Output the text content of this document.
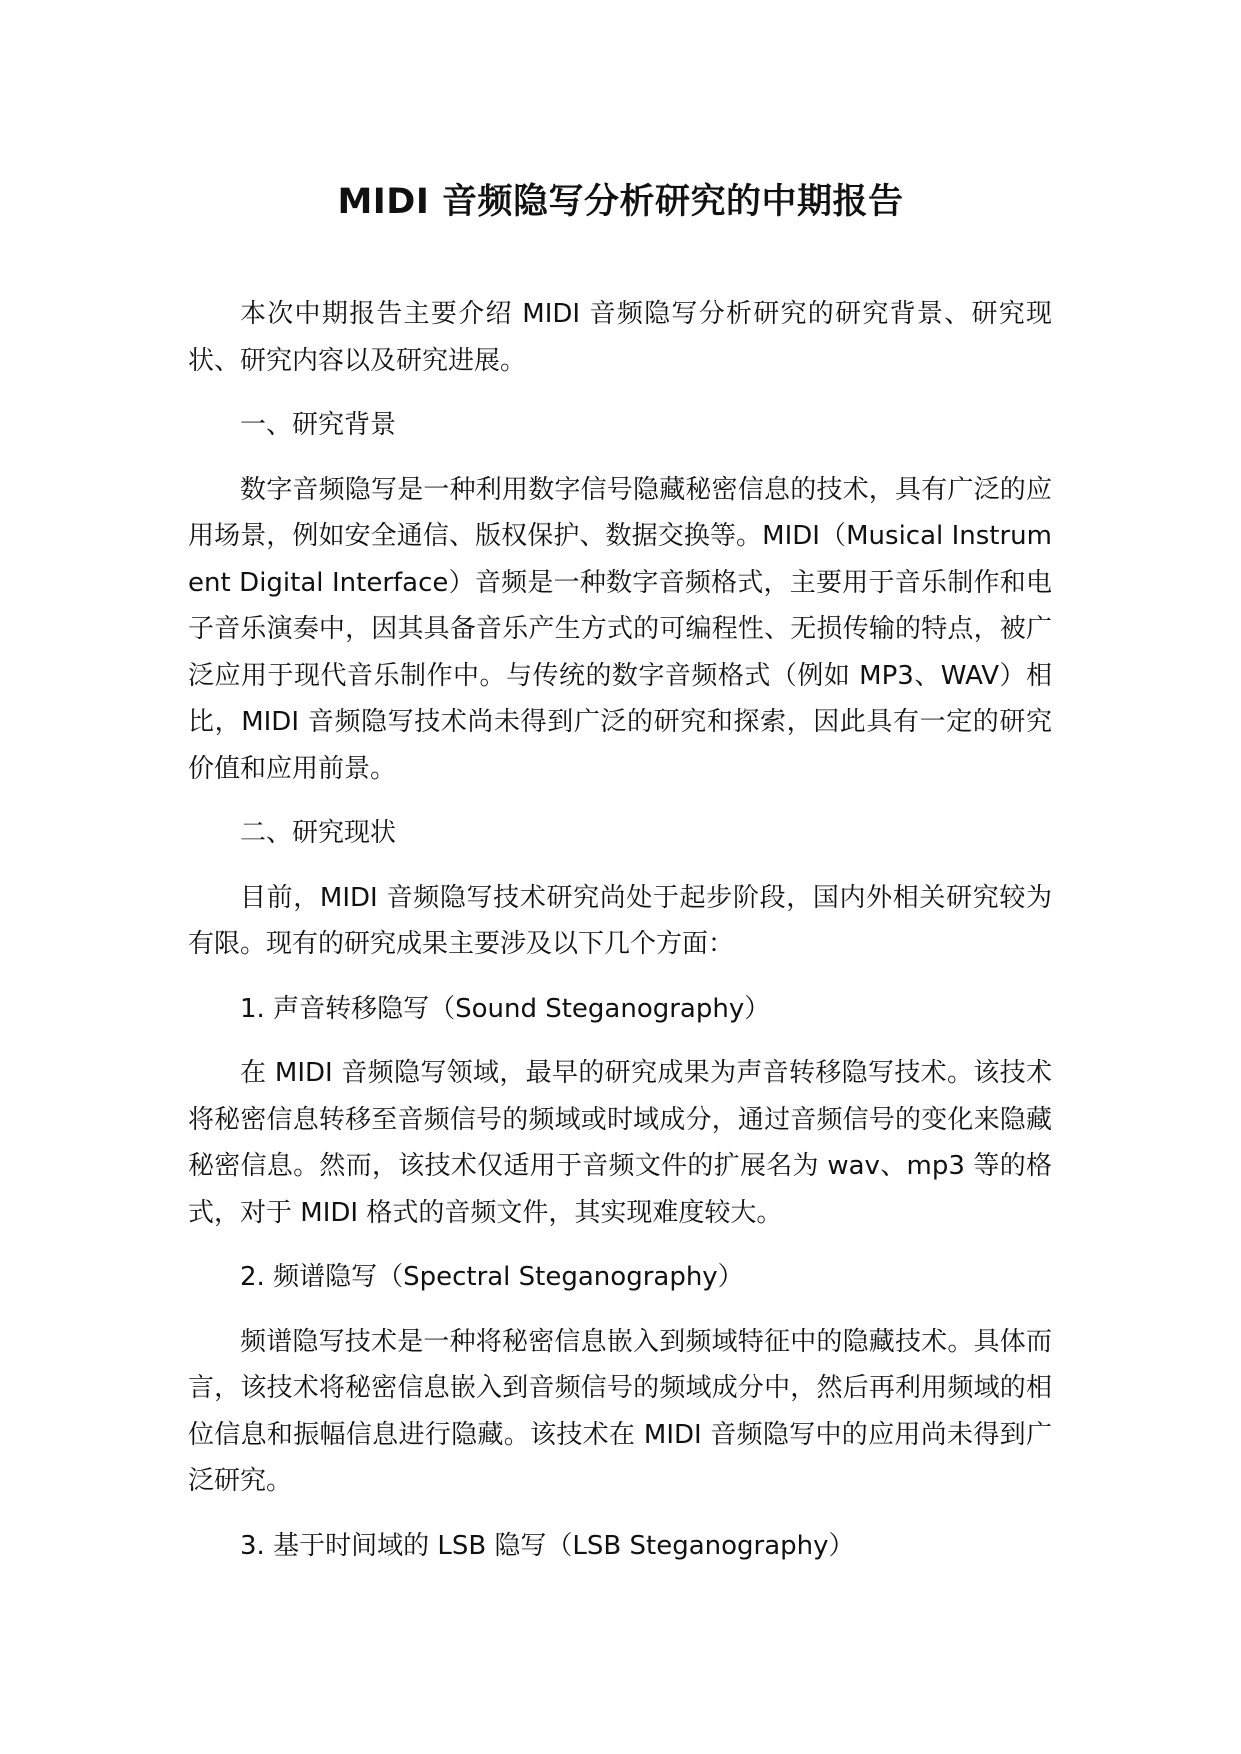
MIDI 音频隐写分析研究的中期报告

本次中期报告主要介绍 MIDI 音频隐写分析研究的研究背景、研究现状、研究内容以及研究进展。

一、研究背景

数字音频隐写是一种利用数字信号隐藏秘密信息的技术，具有广泛的应用场景，例如安全通信、版权保护、数据交换等。MIDI（Musical Instrument Digital Interface）音频是一种数字音频格式，主要用于音乐制作和电子音乐演奏中，因其具备音乐产生方式的可编程性、无损传输的特点，被广泛应用于现代音乐制作中。与传统的数字音频格式（例如 MP3、WAV）相比，MIDI 音频隐写技术尚未得到广泛的研究和探索，因此具有一定的研究价值和应用前景。

二、研究现状

目前，MIDI 音频隐写技术研究尚处于起步阶段，国内外相关研究较为有限。现有的研究成果主要涉及以下几个方面：

1. 声音转移隐写（Sound Steganography）

在 MIDI 音频隐写领域，最早的研究成果为声音转移隐写技术。该技术将秘密信息转移至音频信号的频域或时域成分，通过音频信号的变化来隐藏秘密信息。然而，该技术仅适用于音频文件的扩展名为 wav、mp3 等的格式，对于 MIDI 格式的音频文件，其实现难度较大。

2. 频谱隐写（Spectral Steganography）

频谱隐写技术是一种将秘密信息嵌入到频域特征中的隐藏技术。具体而言，该技术将秘密信息嵌入到音频信号的频域成分中，然后再利用频域的相位信息和振幅信息进行隐藏。该技术在 MIDI 音频隐写中的应用尚未得到广泛研究。

3. 基于时间域的 LSB 隐写（LSB Steganography）
